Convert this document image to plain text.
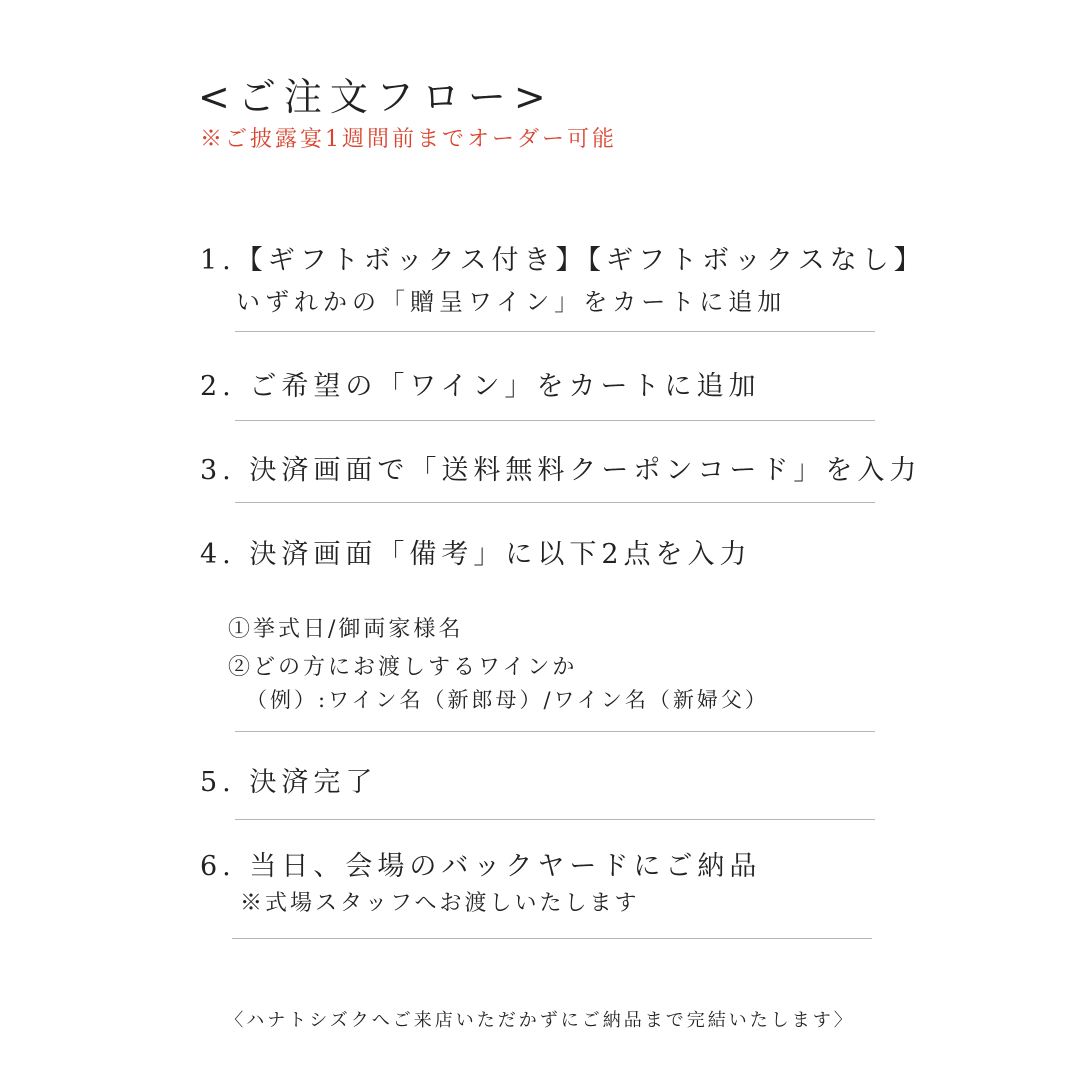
<ご注文フロー>
※ご披露宴1週間前までオーダー可能
1.【ギフトボックス付き】【ギフトボックスなし】
いずれかの「贈呈ワイン」をカートに追加
2. ご希望の「ワイン」をカートに追加
3. 決済画面で「送料無料クーポンコード」を入力
4. 決済画面「備考」に以下2点を入力
①挙式日/御両家様名
②どの方にお渡しするワインか
（例）:ワイン名（新郎母）/ワイン名（新婦父）
5. 決済完了
6. 当日、会場のバックヤードにご納品
※式場スタッフへお渡しいたします
〈ハナトシズクへご来店いただかずにご納品まで完結いたします〉
